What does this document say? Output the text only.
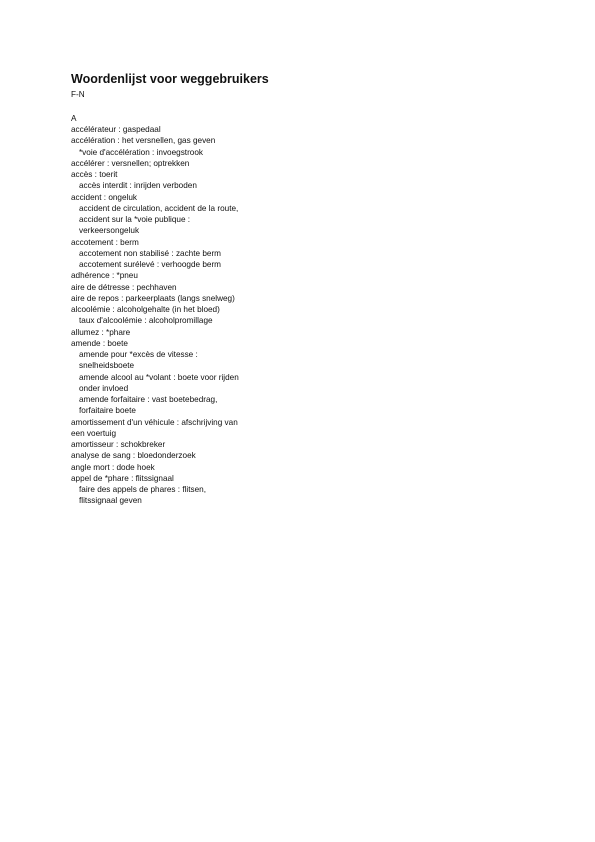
Woordenlijst voor weggebruikers
F-N
A
accélérateur : gaspedaal
accélération : het versnellen, gas geven
*voie d'accélération : invoegstrook
accélérer : versnellen; optrekken
accès : toerit
accès interdit : inrijden verboden
accident : ongeluk
accident de circulation, accident de la route,
accident sur la *voie publique :
verkeersongeluk
accotement : berm
accotement non stabilisé : zachte berm
accotement surélevé : verhoogde berm
adhérence : *pneu
aire de détresse : pechhaven
aire de repos : parkeerplaats (langs snelweg)
alcoolémie : alcoholgehalte (in het bloed)
taux d'alcoolémie : alcoholpromillage
allumez : *phare
amende : boete
amende pour *excès de vitesse :
snelheidsboete
amende alcool au *volant : boete voor rijden
onder invloed
amende forfaitaire : vast boetebedrag,
forfaitaire boete
amortissement d'un véhicule : afschrijving van
een voertuig
amortisseur : schokbreker
analyse de sang : bloedonderzoek
angle mort : dode hoek
appel de *phare : flitssignaal
faire des appels de phares : flitsen,
flitssignaal geven
